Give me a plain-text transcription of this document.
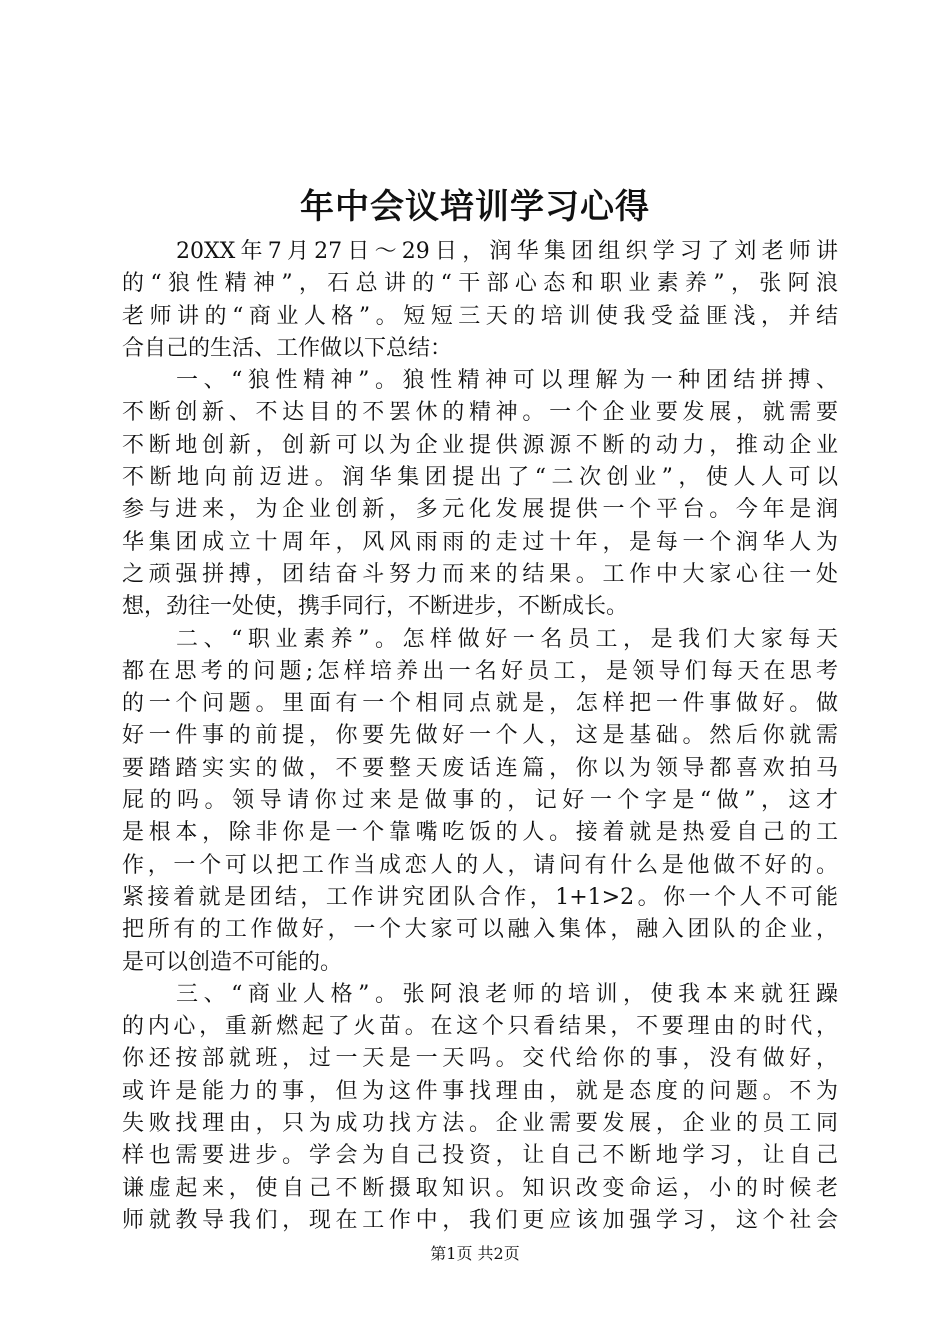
年中会议培训学习心得
20XX年7月27日～29日，润华集团组织学习了刘老师讲
的“狼性精神”，石总讲的“干部心态和职业素养”，张阿浪
老师讲的“商业人格”。短短三天的培训使我受益匪浅，并结
合自己的生活、工作做以下总结：
一、“狼性精神”。狼性精神可以理解为一种团结拼搏、
不断创新、不达目的不罢休的精神。一个企业要发展，就需要
不断地创新，创新可以为企业提供源源不断的动力，推动企业
不断地向前迈进。润华集团提出了“二次创业”，使人人可以
参与进来，为企业创新，多元化发展提供一个平台。今年是润
华集团成立十周年，风风雨雨的走过十年，是每一个润华人为
之顽强拼搏，团结奋斗努力而来的结果。工作中大家心往一处
想，劲往一处使，携手同行，不断进步，不断成长。
二、“职业素养”。怎样做好一名员工，是我们大家每天
都在思考的问题;怎样培养出一名好员工，是领导们每天在思考
的一个问题。里面有一个相同点就是，怎样把一件事做好。做
好一件事的前提，你要先做好一个人，这是基础。然后你就需
要踏踏实实的做，不要整天废话连篇，你以为领导都喜欢拍马
屁的吗。领导请你过来是做事的，记好一个字是“做”，这才
是根本，除非你是一个靠嘴吃饭的人。接着就是热爱自己的工
作，一个可以把工作当成恋人的人，请问有什么是他做不好的。
紧接着就是团结，工作讲究团队合作，1+1>2。你一个人不可能
把所有的工作做好，一个大家可以融入集体，融入团队的企业，
是可以创造不可能的。
三、“商业人格”。张阿浪老师的培训，使我本来就狂躁
的内心，重新燃起了火苗。在这个只看结果，不要理由的时代，
你还按部就班，过一天是一天吗。交代给你的事，没有做好，
或许是能力的事，但为这件事找理由，就是态度的问题。不为
失败找理由，只为成功找方法。企业需要发展，企业的员工同
样也需要进步。学会为自己投资，让自己不断地学习，让自己
谦虚起来，使自己不断摄取知识。知识改变命运，小的时候老
师就教导我们，现在工作中，我们更应该加强学习，这个社会
第1页 共2页
